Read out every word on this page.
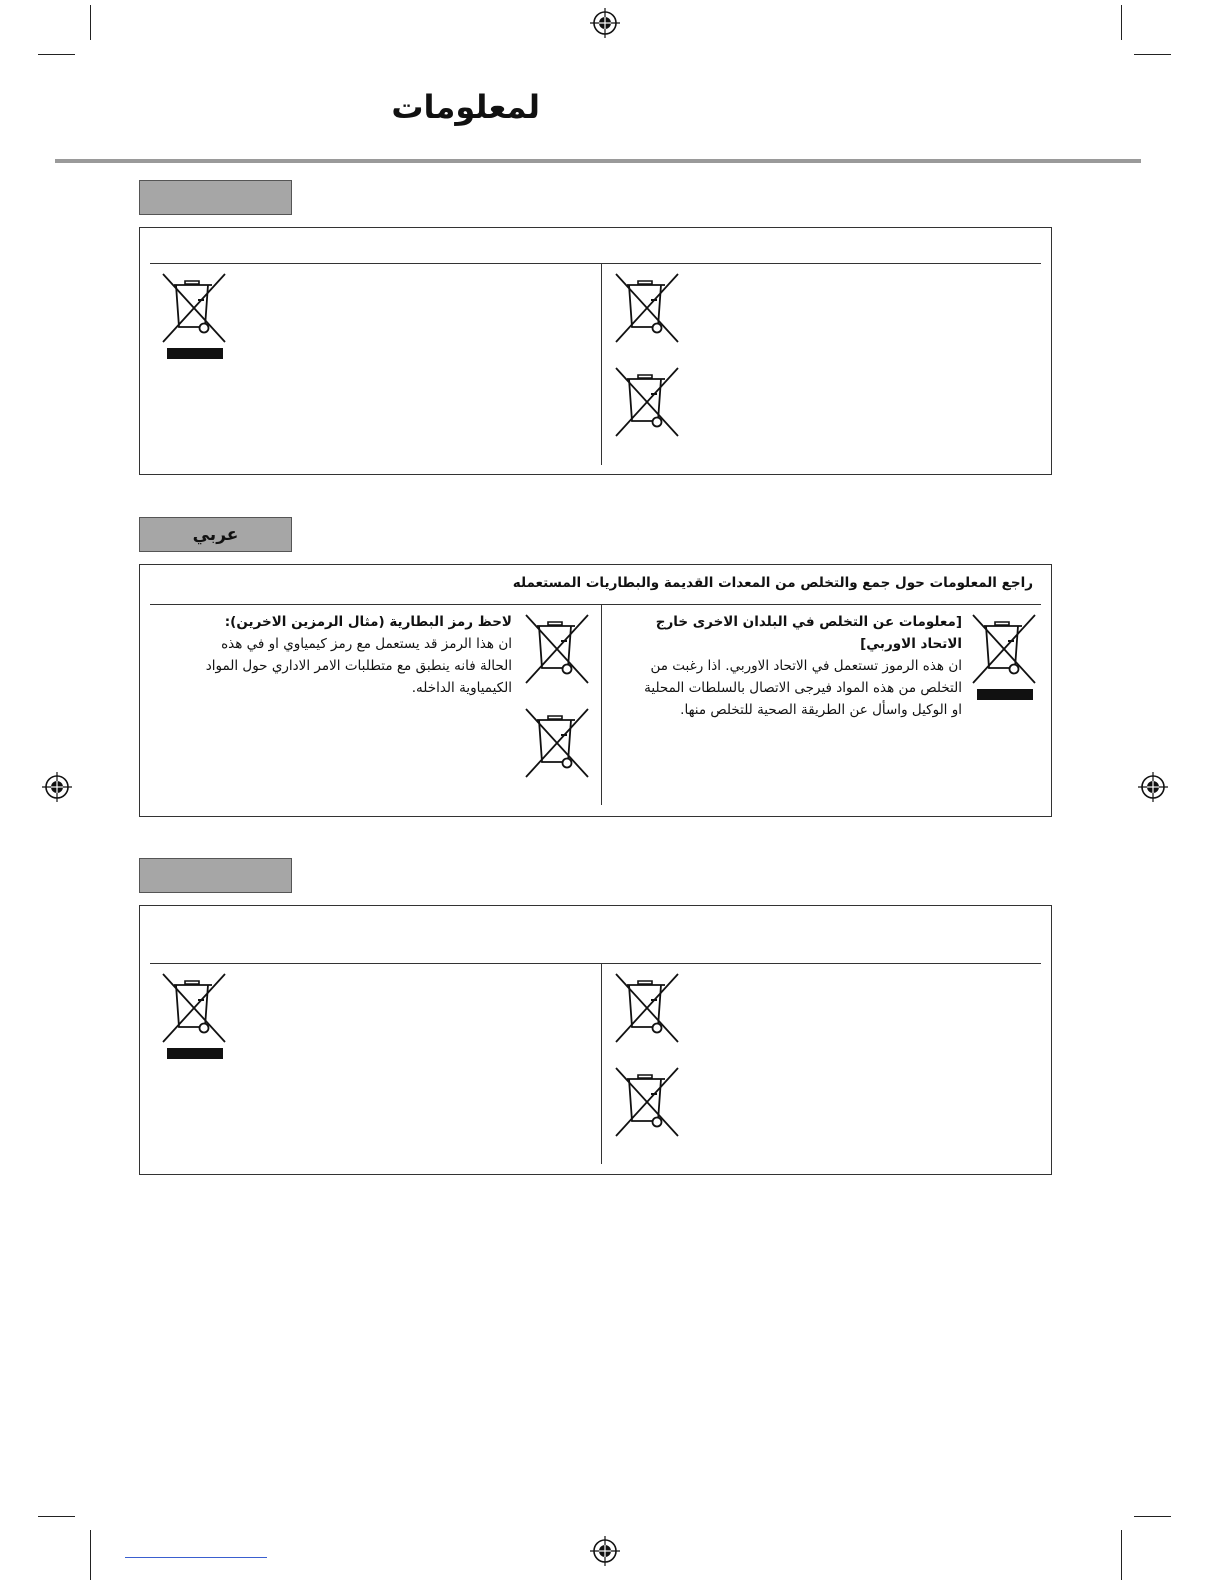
لمعلومات
عربي
راجع المعلومات حول جمع والتخلص من المعدات القديمة والبطاريات المستعمله
[معلومات عن التخلص في البلدان الاخرى خارج الاتحاد الاوربي]
ان هذه الرموز تستعمل في الاتحاد الاوربي. اذا رغبت من
التخلص من هذه المواد فيرجى الاتصال بالسلطات المحلية
او الوكيل واسأل عن الطريقة الصحية للتخلص منها.
لاحظ رمز البطارية (مثال الرمزين الاخرين):
ان هذا الرمز قد يستعمل مع رمز كيمياوي او في هذه
الحالة فانه ينطبق مع متطلبات الامر الاداري حول المواد
الكيمياوية الداخله.
